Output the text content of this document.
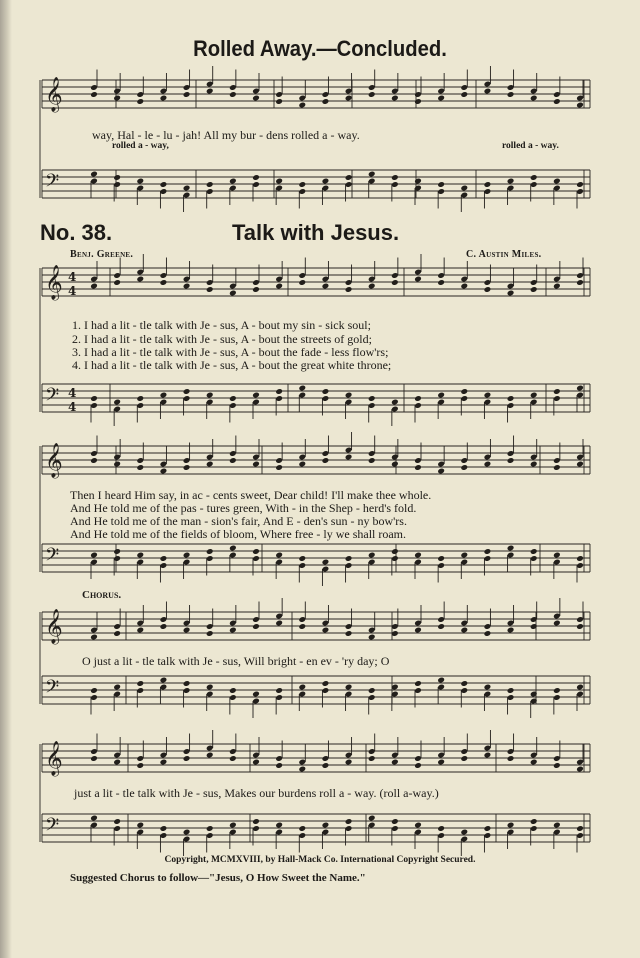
𝄞
𝄢
𝄞 4
4
𝄢 4
4
𝄞
𝄢
𝄞
𝄢
𝄞
𝄢
Rolled Away.—Concluded.
way, Hal - le - lu - jah! All my bur - dens rolled a - way.
rolled a - way,	rolled a - way.
No. 38.	Talk with Jesus.
Benj. Greene.	C. Austin Miles.
1. I had a lit - tle talk with Je - sus, A - bout my sin - sick soul;
2. I had a lit - tle talk with Je - sus, A - bout the streets of gold;
3. I had a lit - tle talk with Je - sus, A - bout the fade - less flow'rs;
4. I had a lit - tle talk with Je - sus, A - bout the great white throne;
Then I heard Him say, in ac - cents sweet, Dear child! I'll make thee whole.
And He told me of the pas - tures green, With - in the Shep - herd's fold.
And He told me of the man - sion's fair, And E - den's sun - ny bow'rs.
And He told me of the fields of bloom, Where free - ly we shall roam.
Chorus.
O just a lit - tle talk with Je - sus, Will bright - en ev - 'ry day; O
just a lit - tle talk with Je - sus, Makes our burdens roll a - way. (roll a-way.)
Copyright, MCMXVIII, by Hall-Mack Co. International Copyright Secured.
Suggested Chorus to follow—"Jesus, O How Sweet the Name."
